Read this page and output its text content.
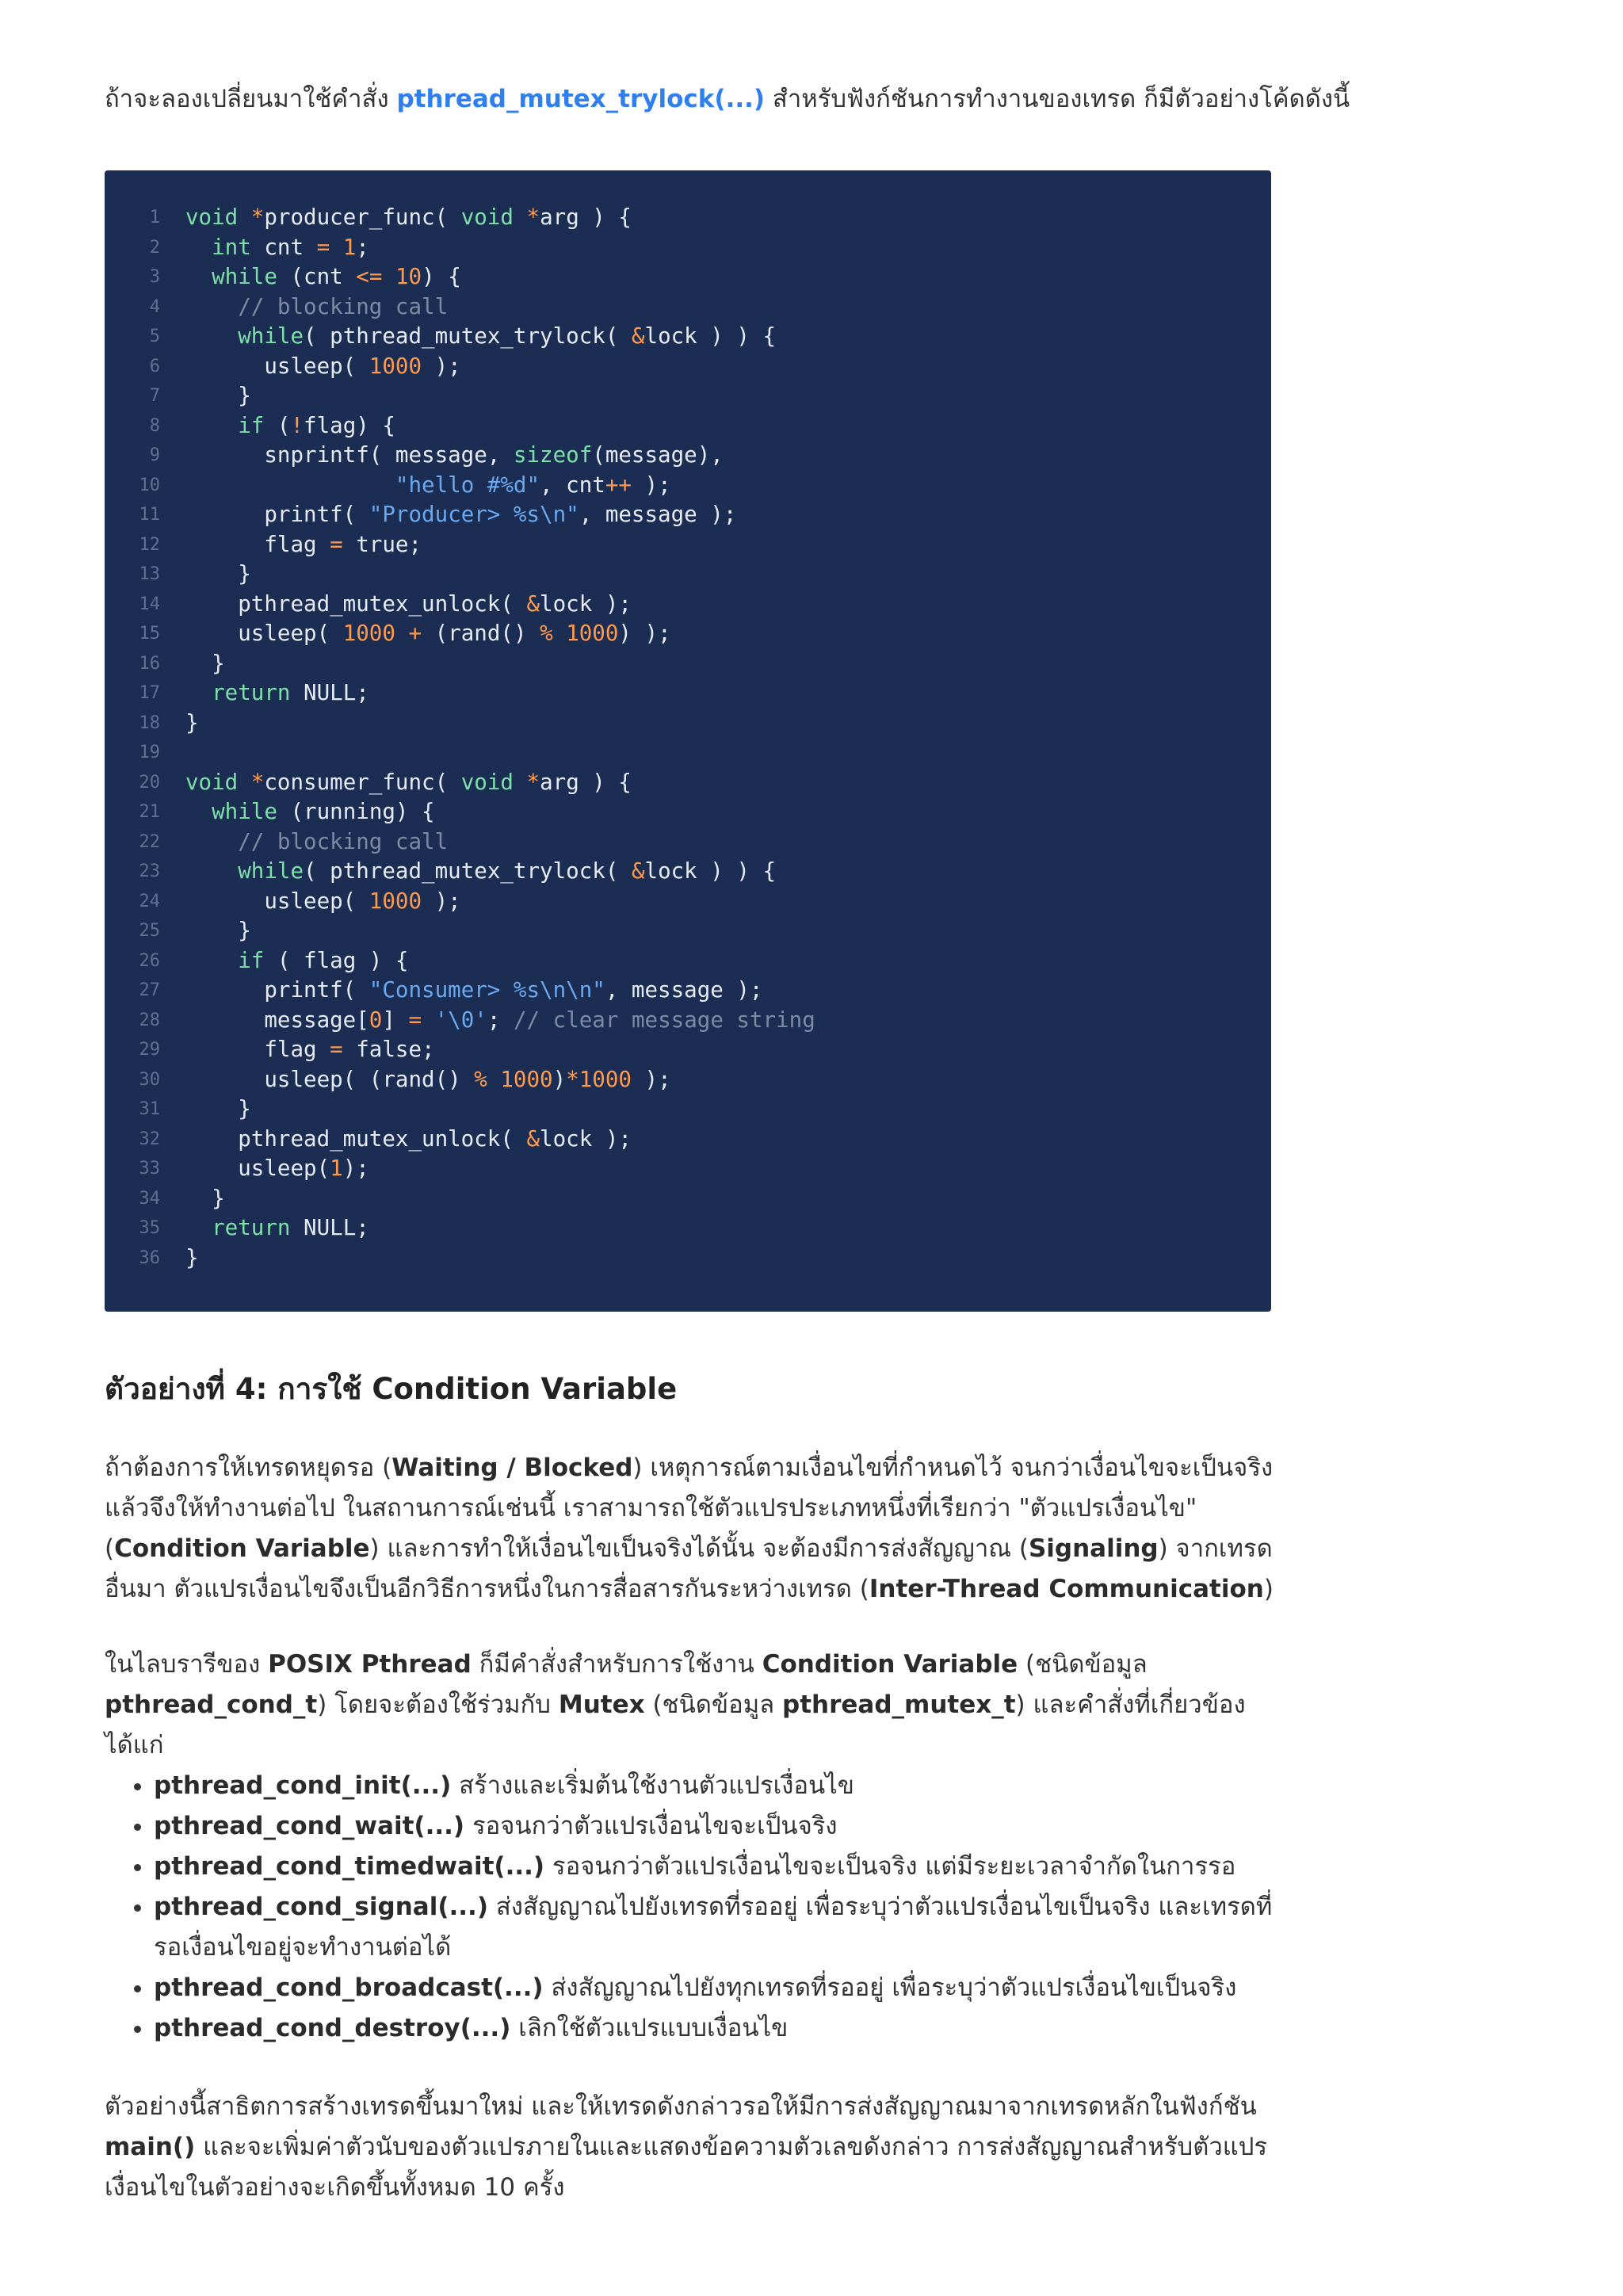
ถ้าจะลองเปลี่ยนมาใช้คำสั่ง pthread_mutex_trylock(...) สำหรับฟังก์ชันการทำงานของเทรด ก็มีตัวอย่างโค้ดดังนี้

1 void *producer_func( void *arg ) {
2	int cnt = 1;
3	while (cnt <= 10) {
4	// blocking call
5	while( pthread_mutex_trylock( &lock ) ) {
6 usleep( 1000 );
7 }
8	if (!flag) {
9 snprintf( message, sizeof(message),
10	"hello #%d", cnt++ );
11 printf( "Producer> %s\n", message );
12 flag = true;
13 }
14 pthread_mutex_unlock( &lock );
15 usleep( 1000 + (rand() % 1000) );
16 }
17	return NULL;
18 }
19
20 void *consumer_func( void *arg ) {
21	while (running) {
22	// blocking call
23	while( pthread_mutex_trylock( &lock ) ) {
24 usleep( 1000 );
25 }
26	if ( flag ) {
27 printf( "Consumer> %s\n\n", message );
28 message[0] = '\0'; // clear message string
29 flag = false;
30 usleep( (rand() % 1000)*1000 );
31 }
32 pthread_mutex_unlock( &lock );
33 usleep(1);
34 }
35	return NULL;
36 }
ตัวอย่างที่ 4: การใช้ Condition Variable

ถ้าต้องการให้เทรดหยุดรอ (Waiting / Blocked) เหตุการณ์ตามเงื่อนไขที่กำหนดไว้ จนกว่าเงื่อนไขจะเป็นจริง แล้วจึงให้ทำงานต่อไป ในสถานการณ์เช่นนี้ เราสามารถใช้ตัวแปรประเภทหนึ่งที่เรียกว่า "ตัวแปรเงื่อนไข" (Condition Variable) และการทำให้เงื่อนไขเป็นจริงได้นั้น จะต้องมีการส่งสัญญาณ (Signaling) จากเทรดอื่นมา ตัวแปรเงื่อนไขจึงเป็นอีกวิธีการหนึ่งในการสื่อสารกันระหว่างเทรด (Inter-Thread Communication)

ในไลบรารีของ POSIX Pthread ก็มีคำสั่งสำหรับการใช้งาน Condition Variable (ชนิดข้อมูล pthread_cond_t) โดยจะต้องใช้ร่วมกับ Mutex (ชนิดข้อมูล pthread_mutex_t) และคำสั่งที่เกี่ยวข้องได้แก่

• pthread_cond_init(...) สร้างและเริ่มต้นใช้งานตัวแปรเงื่อนไข
• pthread_cond_wait(...) รอจนกว่าตัวแปรเงื่อนไขจะเป็นจริง
• pthread_cond_timedwait(...) รอจนกว่าตัวแปรเงื่อนไขจะเป็นจริง แต่มีระยะเวลาจำกัดในการรอ
• pthread_cond_signal(...) ส่งสัญญาณไปยังเทรดที่รออยู่ เพื่อระบุว่าตัวแปรเงื่อนไขเป็นจริง และเทรดที่รอเงื่อนไขอยู่จะทำงานต่อได้
• pthread_cond_broadcast(...) ส่งสัญญาณไปยังทุกเทรดที่รออยู่ เพื่อระบุว่าตัวแปรเงื่อนไขเป็นจริง
• pthread_cond_destroy(...) เลิกใช้ตัวแปรแบบเงื่อนไข

ตัวอย่างนี้สาธิตการสร้างเทรดขึ้นมาใหม่ และให้เทรดดังกล่าวรอให้มีการส่งสัญญาณมาจากเทรดหลักในฟังก์ชัน main() และจะเพิ่มค่าตัวนับของตัวแปรภายในและแสดงข้อความตัวเลขดังกล่าว การส่งสัญญาณสำหรับตัวแปรเงื่อนไขในตัวอย่างจะเกิดขึ้นทั้งหมด 10 ครั้ง
